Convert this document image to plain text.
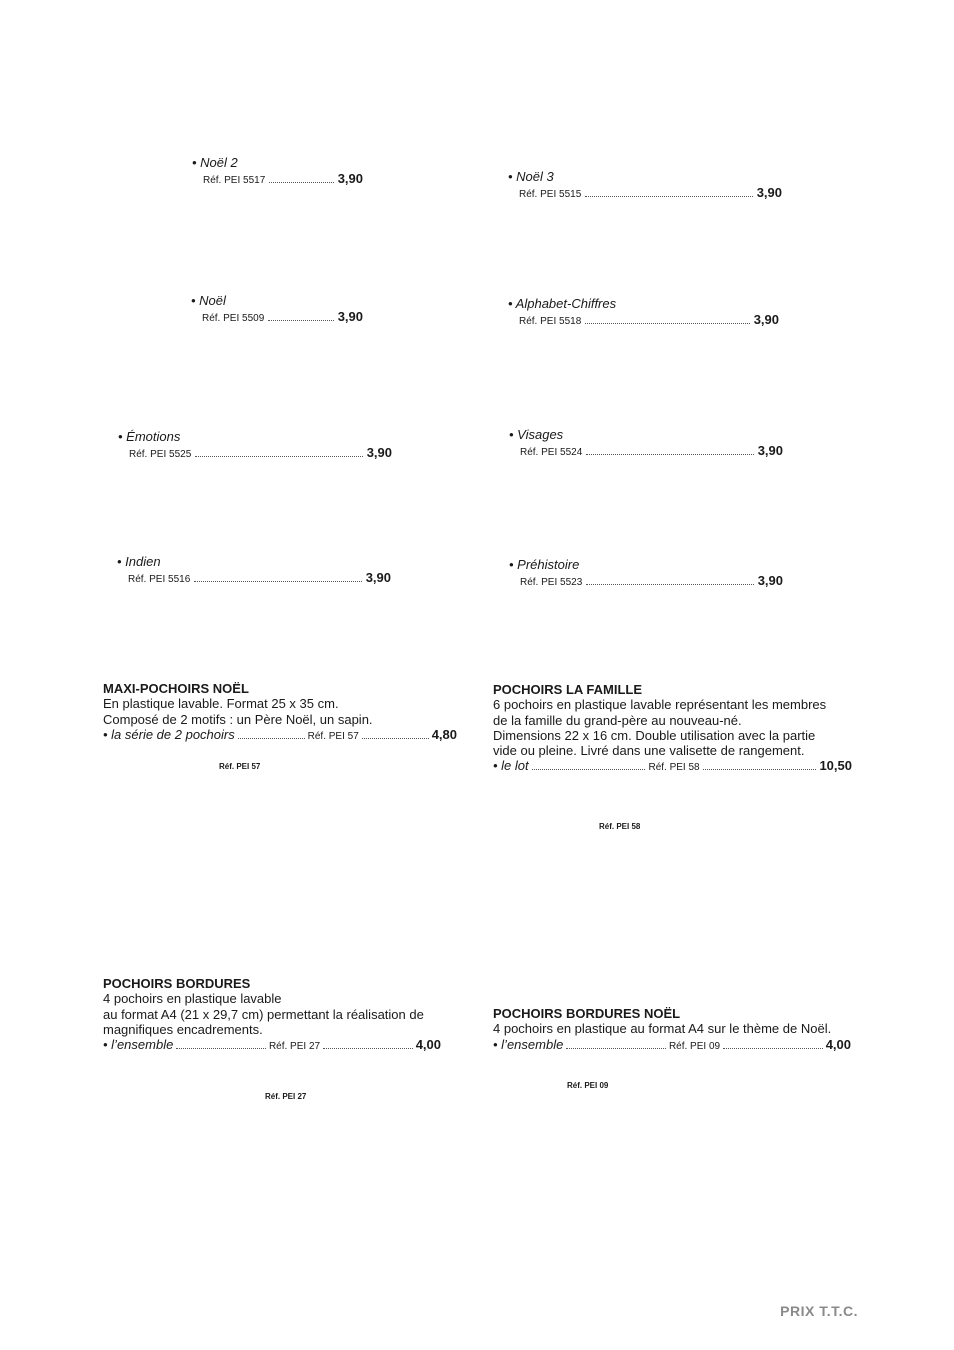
• Noël 2
Réf. PEI 5517	3,90	• Noël 3
Réf. PEI 5515	3,90
• Noël
Réf. PEI 5509	3,90
• Alphabet-Chiffres
Réf. PEI 5518	3,90
• Émotions
Réf. PEI 5525	3,90
• Visages
Réf. PEI 5524	3,90
• Indien
Réf. PEI 5516	3,90
• Préhistoire
Réf. PEI 5523	3,90
MAXI-POCHOIRS NOËL
En plastique lavable. Format 25 x 35 cm.
Composé de 2 motifs : un Père Noël, un sapin.
• la série de 2 pochoirs	Réf. PEI 57	4,80
Réf. PEI 57
POCHOIRS LA FAMILLE
6 pochoirs en plastique lavable représentant les membres
de la famille du grand-père au nouveau-né.
Dimensions 22 x 16 cm. Double utilisation avec la partie
vide ou pleine. Livré dans une valisette de rangement.
• le lot	Réf. PEI 58	10,50
Réf. PEI 58
POCHOIRS BORDURES
4 pochoirs en plastique lavable
au format A4 (21 x 29,7 cm) permettant la réalisation de
magnifiques encadrements.
• l’ensemble	Réf. PEI 27	4,00
Réf. PEI 27
POCHOIRS BORDURES NOËL
4 pochoirs en plastique au format A4 sur le thème de Noël.
• l’ensemble	Réf. PEI 09	4,00
Réf. PEI 09
PRIX T.T.C.
